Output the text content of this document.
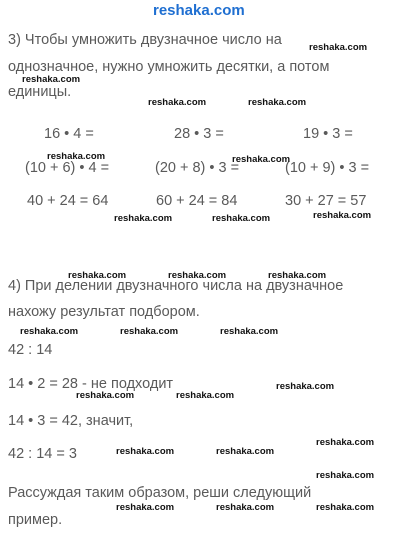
reshaka.com
3) Чтобы умножить двузначное число на
однозначное, нужно умножить десятки, а потом
единицы.
16 • 4 =	28 • 3 =	19 • 3 =
(10 + 6) • 4 =	(20 + 8) • 3 =	(10 + 9) • 3 =
40 + 24 = 64	60 + 24 = 84	30 + 27 = 57
4) При делении двузначного числа на двузначное
нахожу результат подбором.
42 : 14
14 • 2 = 28 - не подходит
14 • 3 = 42, значит,
42 : 14 = 3
Рассуждая таким образом, реши следующий
пример.
reshaka.com
reshaka.com
reshaka.com	reshaka.com
reshaka.com	reshaka.com
reshaka.com	reshaka.com	reshaka.com
reshaka.com	reshaka.com	reshaka.com
reshaka.com	reshaka.com	reshaka.com
reshaka.com	reshaka.com
reshaka.com
reshaka.com
reshaka.com	reshaka.com
reshaka.com
reshaka.com	reshaka.com	reshaka.com
